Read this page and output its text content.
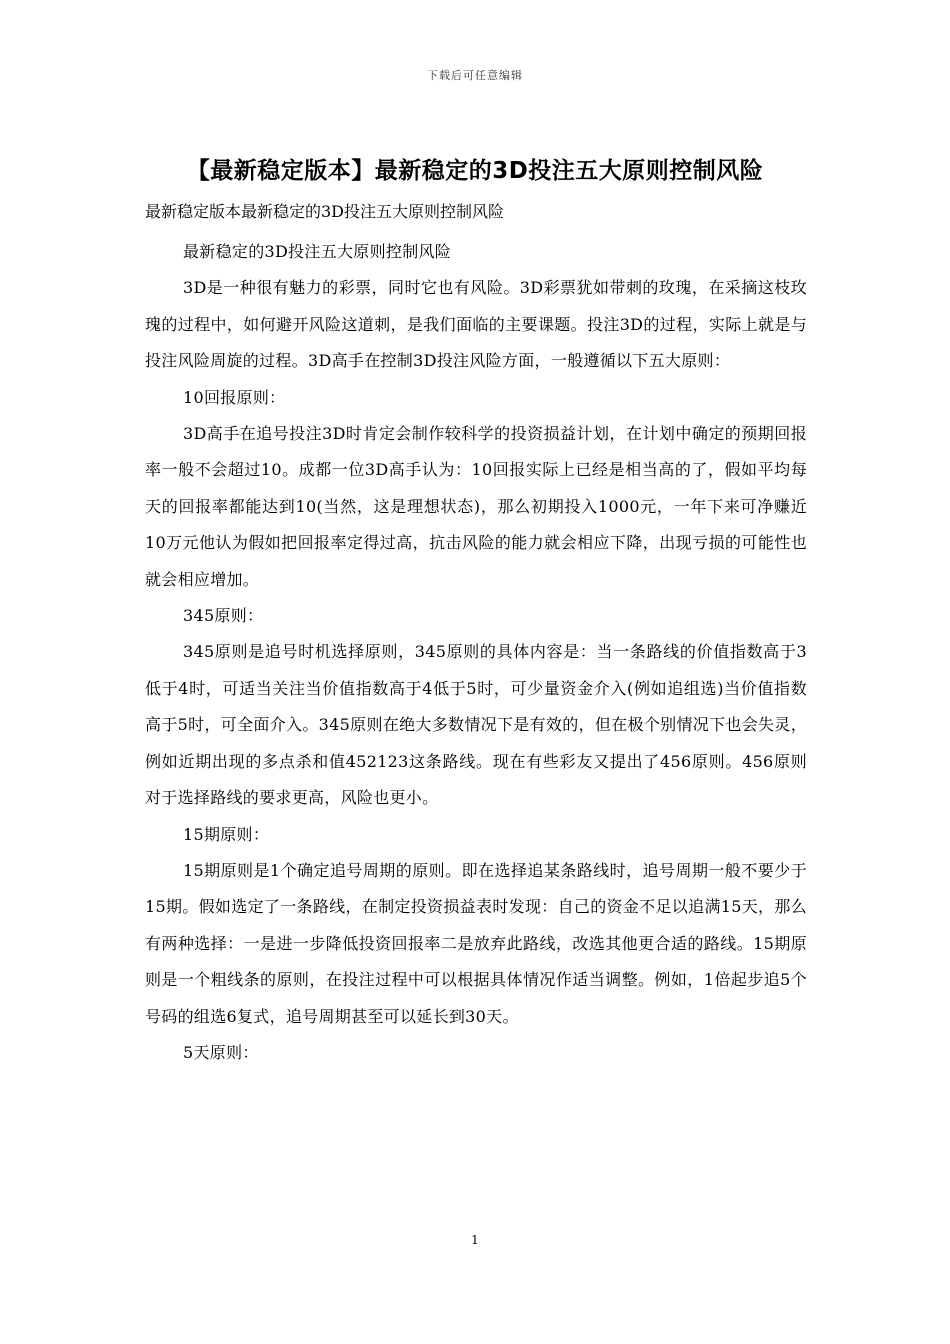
下载后可任意编辑
【最新稳定版本】最新稳定的3D投注五大原则控制风险
最新稳定版本最新稳定的3D投注五大原则控制风险

最新稳定的3D投注五大原则控制风险

3D是一种很有魅力的彩票，同时它也有风险。3D彩票犹如带刺的玫瑰，在采摘这枝玫瑰的过程中，如何避开风险这道刺，是我们面临的主要课题。投注3D的过程，实际上就是与投注风险周旋的过程。3D高手在控制3D投注风险方面，一般遵循以下五大原则：

10回报原则：

3D高手在追号投注3D时肯定会制作较科学的投资损益计划，在计划中确定的预期回报率一般不会超过10。成都一位3D高手认为：10回报实际上已经是相当高的了，假如平均每天的回报率都能达到10(当然，这是理想状态)，那么初期投入1000元，一年下来可净赚近10万元他认为假如把回报率定得过高，抗击风险的能力就会相应下降，出现亏损的可能性也就会相应增加。

345原则：

345原则是追号时机选择原则，345原则的具体内容是：当一条路线的价值指数高于3低于4时，可适当关注当价值指数高于4低于5时，可少量资金介入(例如追组选)当价值指数高于5时，可全面介入。345原则在绝大多数情况下是有效的，但在极个别情况下也会失灵，例如近期出现的多点杀和值452123这条路线。现在有些彩友又提出了456原则。456原则对于选择路线的要求更高，风险也更小。

15期原则：

15期原则是1个确定追号周期的原则。即在选择追某条路线时，追号周期一般不要少于15期。假如选定了一条路线，在制定投资损益表时发现：自己的资金不足以追满15天，那么有两种选择：一是进一步降低投资回报率二是放弃此路线，改选其他更合适的路线。15期原则是一个粗线条的原则，在投注过程中可以根据具体情况作适当调整。例如，1倍起步追5个号码的组选6复式，追号周期甚至可以延长到30天。

5天原则：

1
